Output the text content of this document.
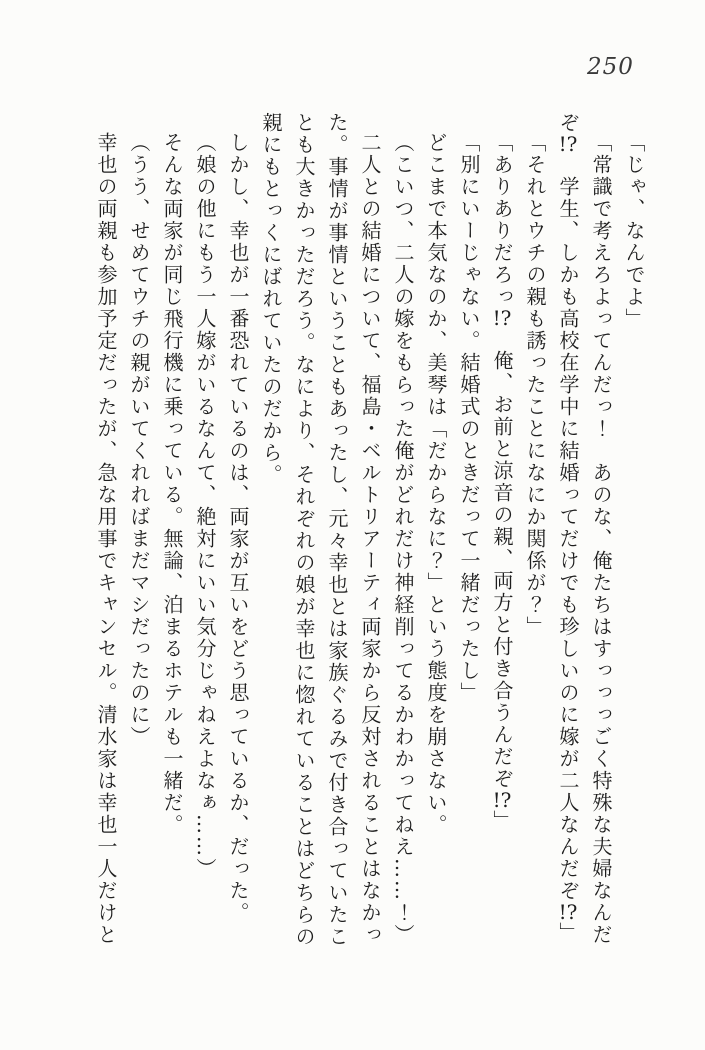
250

「じゃ、なんでよ」

「常識で考えろよってんだっ！　あのな、俺たちはすっっっごく特殊な夫婦なんだぞ!?　学生、しかも高校在学中に結婚ってだけでも珍しいのに嫁が二人なんだぞ!?」

「それとウチの親も誘ったことになにか関係が？」

「ありありだろっ!?　俺、お前と涼音の親、両方と付き合うんだぞ!?」

「別にいーじゃない。結婚式のときだって一緒だったし」

どこまで本気なのか、美琴は「だからなに？」という態度を崩さない。

（こいつ、二人の嫁をもらった俺がどれだけ神経削ってるかわかってねえ……！）

二人との結婚について、福島・ベルトリアーティ両家から反対されることはなかった。事情が事情ということもあったし、元々幸也とは家族ぐるみで付き合っていたことも大きかっただろう。なにより、それぞれの娘が幸也に惚れていることはどちらの親にもとっくにばれていたのだから。

しかし、幸也が一番恐れているのは、両家が互いをどう思っているか、だった。

（娘の他にもう一人嫁がいるなんて、絶対にいい気分じゃねえよなぁ……）

そんな両家が同じ飛行機に乗っている。無論、泊まるホテルも一緒だ。

（うう、せめてウチの親がいてくれればまだマシだったのに）

幸也の両親も参加予定だったが、急な用事でキャンセル。清水家は幸也一人だけと
